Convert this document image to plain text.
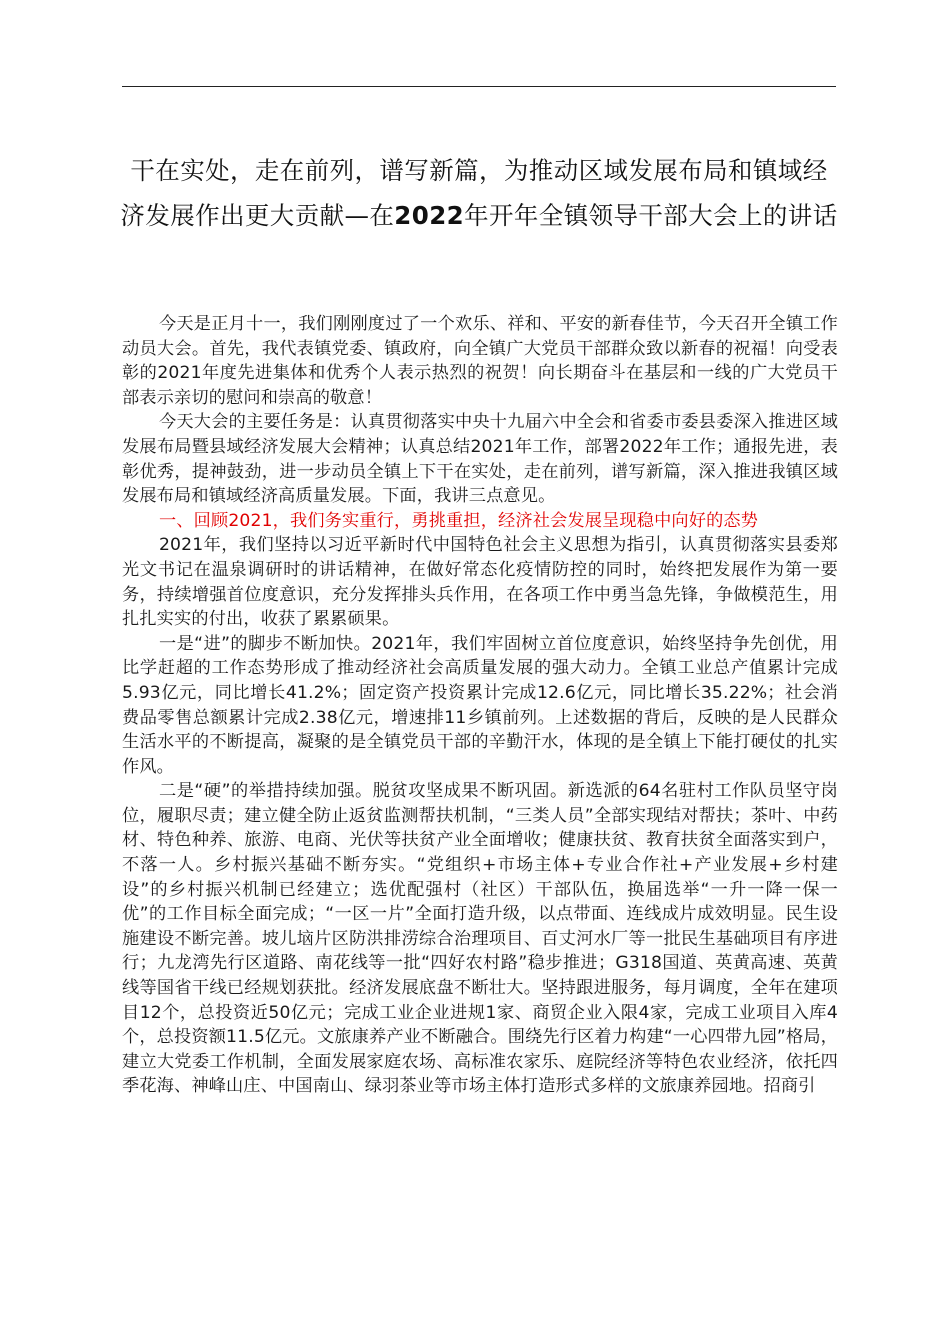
干在实处，走在前列，谱写新篇，为推动区域发展布局和镇域经济发展作出更大贡献—在2022年开年全镇领导干部大会上的讲话

今天是正月十一，我们刚刚度过了一个欢乐、祥和、平安的新春佳节，今天召开全镇工作动员大会。首先，我代表镇党委、镇政府，向全镇广大党员干部群众致以新春的祝福！向受表彰的2021年度先进集体和优秀个人表示热烈的祝贺！向长期奋斗在基层和一线的广大党员干部表示亲切的慰问和崇高的敬意！

今天大会的主要任务是：认真贯彻落实中央十九届六中全会和省委市委县委深入推进区域发展布局暨县域经济发展大会精神；认真总结2021年工作，部署2022年工作；通报先进，表彰优秀，提神鼓劲，进一步动员全镇上下干在实处，走在前列，谱写新篇，深入推进我镇区域发展布局和镇域经济高质量发展。下面，我讲三点意见。

一、回顾2021，我们务实重行，勇挑重担，经济社会发展呈现稳中向好的态势

2021年，我们坚持以习近平新时代中国特色社会主义思想为指引，认真贯彻落实县委郑光文书记在温泉调研时的讲话精神，在做好常态化疫情防控的同时，始终把发展作为第一要务，持续增强首位度意识，充分发挥排头兵作用，在各项工作中勇当急先锋，争做模范生，用扎扎实实的付出，收获了累累硕果。

一是“进”的脚步不断加快。2021年，我们牢固树立首位度意识，始终坚持争先创优，用比学赶超的工作态势形成了推动经济社会高质量发展的强大动力。全镇工业总产值累计完成5.93亿元，同比增长41.2%；固定资产投资累计完成12.6亿元，同比增长35.22%；社会消费品零售总额累计完成2.38亿元，增速排11乡镇前列。上述数据的背后，反映的是人民群众生活水平的不断提高，凝聚的是全镇党员干部的辛勤汗水，体现的是全镇上下能打硬仗的扎实作风。

二是“硬”的举措持续加强。脱贫攻坚成果不断巩固。新选派的64名驻村工作队员坚守岗位，履职尽责；建立健全防止返贫监测帮扶机制，“三类人员”全部实现结对帮扶；茶叶、中药材、特色种养、旅游、电商、光伏等扶贫产业全面增收；健康扶贫、教育扶贫全面落实到户，不落一人。乡村振兴基础不断夯实。“党组织+市场主体+专业合作社+产业发展+乡村建设”的乡村振兴机制已经建立；选优配强村（社区）干部队伍，换届选举“一升一降一保一优”的工作目标全面完成；“一区一片”全面打造升级，以点带面、连线成片成效明显。民生设施建设不断完善。坡儿垴片区防洪排涝综合治理项目、百丈河水厂等一批民生基础项目有序进行；九龙湾先行区道路、南花线等一批“四好农村路”稳步推进；G318国道、英黄高速、英黄线等国省干线已经规划获批。经济发展底盘不断壮大。坚持跟进服务，每月调度，全年在建项目12个，总投资近50亿元；完成工业企业进规1家、商贸企业入限4家，完成工业项目入库4个，总投资额11.5亿元。文旅康养产业不断融合。围绕先行区着力构建“一心四带九园”格局，建立大党委工作机制，全面发展家庭农场、高标准农家乐、庭院经济等特色农业经济，依托四季花海、神峰山庄、中国南山、绿羽茶业等市场主体打造形式多样的文旅康养园地。招商引
